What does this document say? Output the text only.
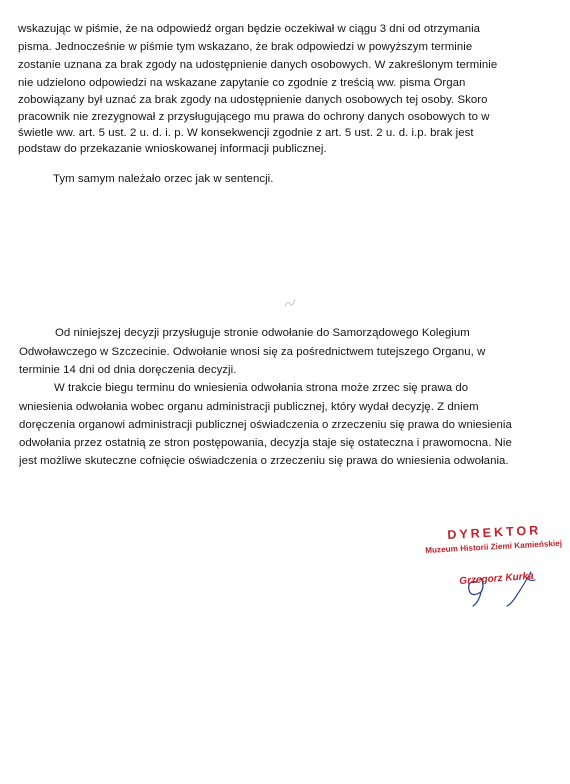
wskazując w piśmie, że na odpowiedź organ będzie oczekiwał w ciągu 3 dni od otrzymania
pisma. Jednocześnie w piśmie tym wskazano, że brak odpowiedzi w powyższym terminie
zostanie uznana za brak zgody na udostępnienie danych osobowych. W zakreślonym terminie
nie udzielono odpowiedzi na wskazane zapytanie co zgodnie z treścią ww. pisma Organ
zobowiązany był uznać za brak zgody na udostępnienie danych osobowych tej osoby. Skoro
pracownik nie zrezygnował z przysługującego mu prawa do ochrony danych osobowych to w
świetle ww. art. 5 ust. 2 u. d. i. p. W konsekwencji zgodnie z art. 5 ust. 2 u. d. i.p. brak jest
podstaw do przekazanie wnioskowanej informacji publicznej.
Tym samym należało orzec jak w sentencji.
Od niniejszej decyzji przysługuje stronie odwołanie do Samorządowego Kolegium
Odwoławczego w Szczecinie. Odwołanie wnosi się za pośrednictwem tutejszego Organu, w
terminie 14 dni od dnia doręczenia decyzji.
W trakcie biegu terminu do wniesienia odwołania strona może zrzec się prawa do
wniesienia odwołania wobec organu administracji publicznej, który wydał decyzję. Z dniem
doręczenia organowi administracji publicznej oświadczenia o zrzeczeniu się prawa do wniesienia
odwołania przez ostatnią ze stron postępowania, decyzja staje się ostateczna i prawomocna. Nie
jest możliwe skuteczne cofnięcie oświadczenia o zrzeczeniu się prawa do wniesienia odwołania.
DYREKTOR
Muzeum Historii Ziemi Kamieńskiej
Grzegorz Kurka
